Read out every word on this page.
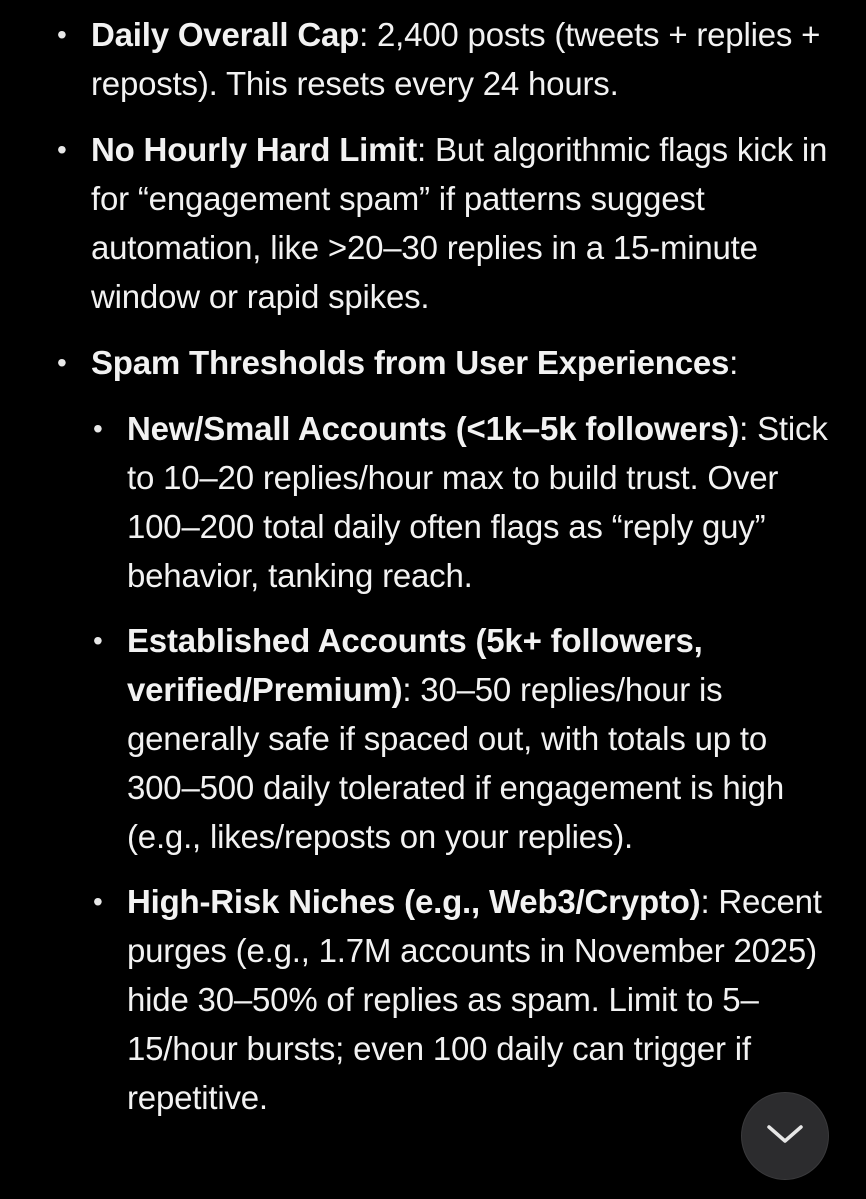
• Daily Overall Cap: 2,400 posts (tweets + replies + reposts). This resets every 24 hours.
• No Hourly Hard Limit: But algorithmic flags kick in for “engagement spam” if patterns suggest automation, like >20–30 replies in a 15-minute window or rapid spikes.
• Spam Thresholds from User Experiences:
• New/Small Accounts (<1k–5k followers): Stick to 10–20 replies/hour max to build trust. Over 100–200 total daily often flags as “reply guy” behavior, tanking reach.
• Established Accounts (5k+ followers, verified/Premium): 30–50 replies/hour is generally safe if spaced out, with totals up to 300–500 daily tolerated if engagement is high (e.g., likes/reposts on your replies).
• High-Risk Niches (e.g., Web3/Crypto): Recent purges (e.g., 1.7M accounts in November 2025) hide 30–50% of replies as spam. Limit to 5–15/hour bursts; even 100 daily can trigger if repetitive.
